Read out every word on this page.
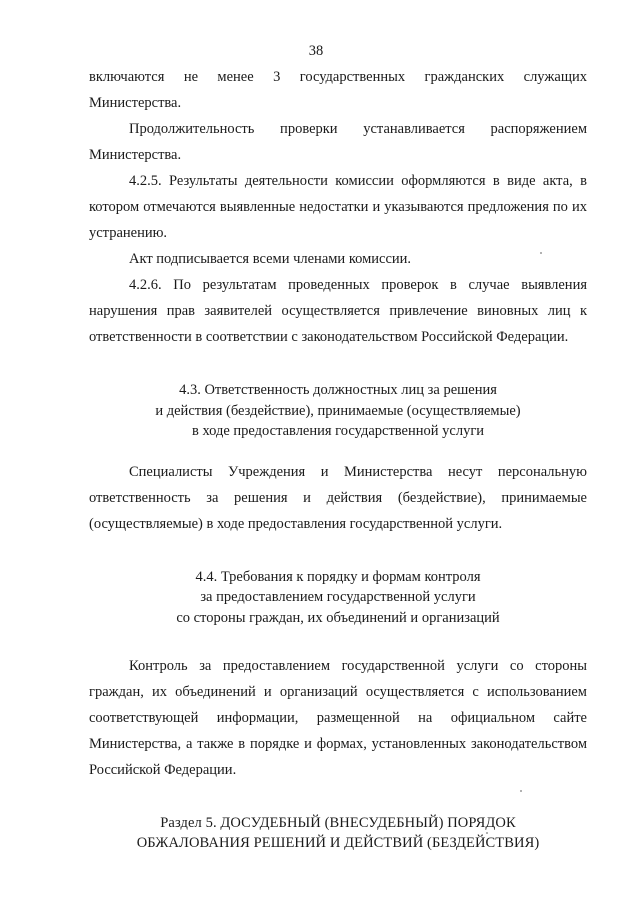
38

включаются не менее 3 государственных гражданских служащих Министерства.

Продолжительность проверки устанавливается распоряжением Министерства.

4.2.5. Результаты деятельности комиссии оформляются в виде акта, в котором отмечаются выявленные недостатки и указываются предложения по их устранению.

Акт подписывается всеми членами комиссии.

4.2.6. По результатам проведенных проверок в случае выявления нарушения прав заявителей осуществляется привлечение виновных лиц к ответственности в соответствии с законодательством Российской Федерации.

4.3. Ответственность должностных лиц за решения
и действия (бездействие), принимаемые (осуществляемые)
в ходе предоставления государственной услуги

Специалисты Учреждения и Министерства несут персональную ответственность за решения и действия (бездействие), принимаемые (осуществляемые) в ходе предоставления государственной услуги.

4.4. Требования к порядку и формам контроля
за предоставлением государственной услуги
со стороны граждан, их объединений и организаций

Контроль за предоставлением государственной услуги со стороны граждан, их объединений и организаций осуществляется с использованием соответствующей информации, размещенной на официальном сайте Министерства, а также в порядке и формах, установленных законодательством Российской Федерации.

Раздел 5. ДОСУДЕБНЫЙ (ВНЕСУДЕБНЫЙ) ПОРЯДОК
ОБЖАЛОВАНИЯ РЕШЕНИЙ И ДЕЙСТВИЙ (БЕЗДЕЙСТВИЯ)
